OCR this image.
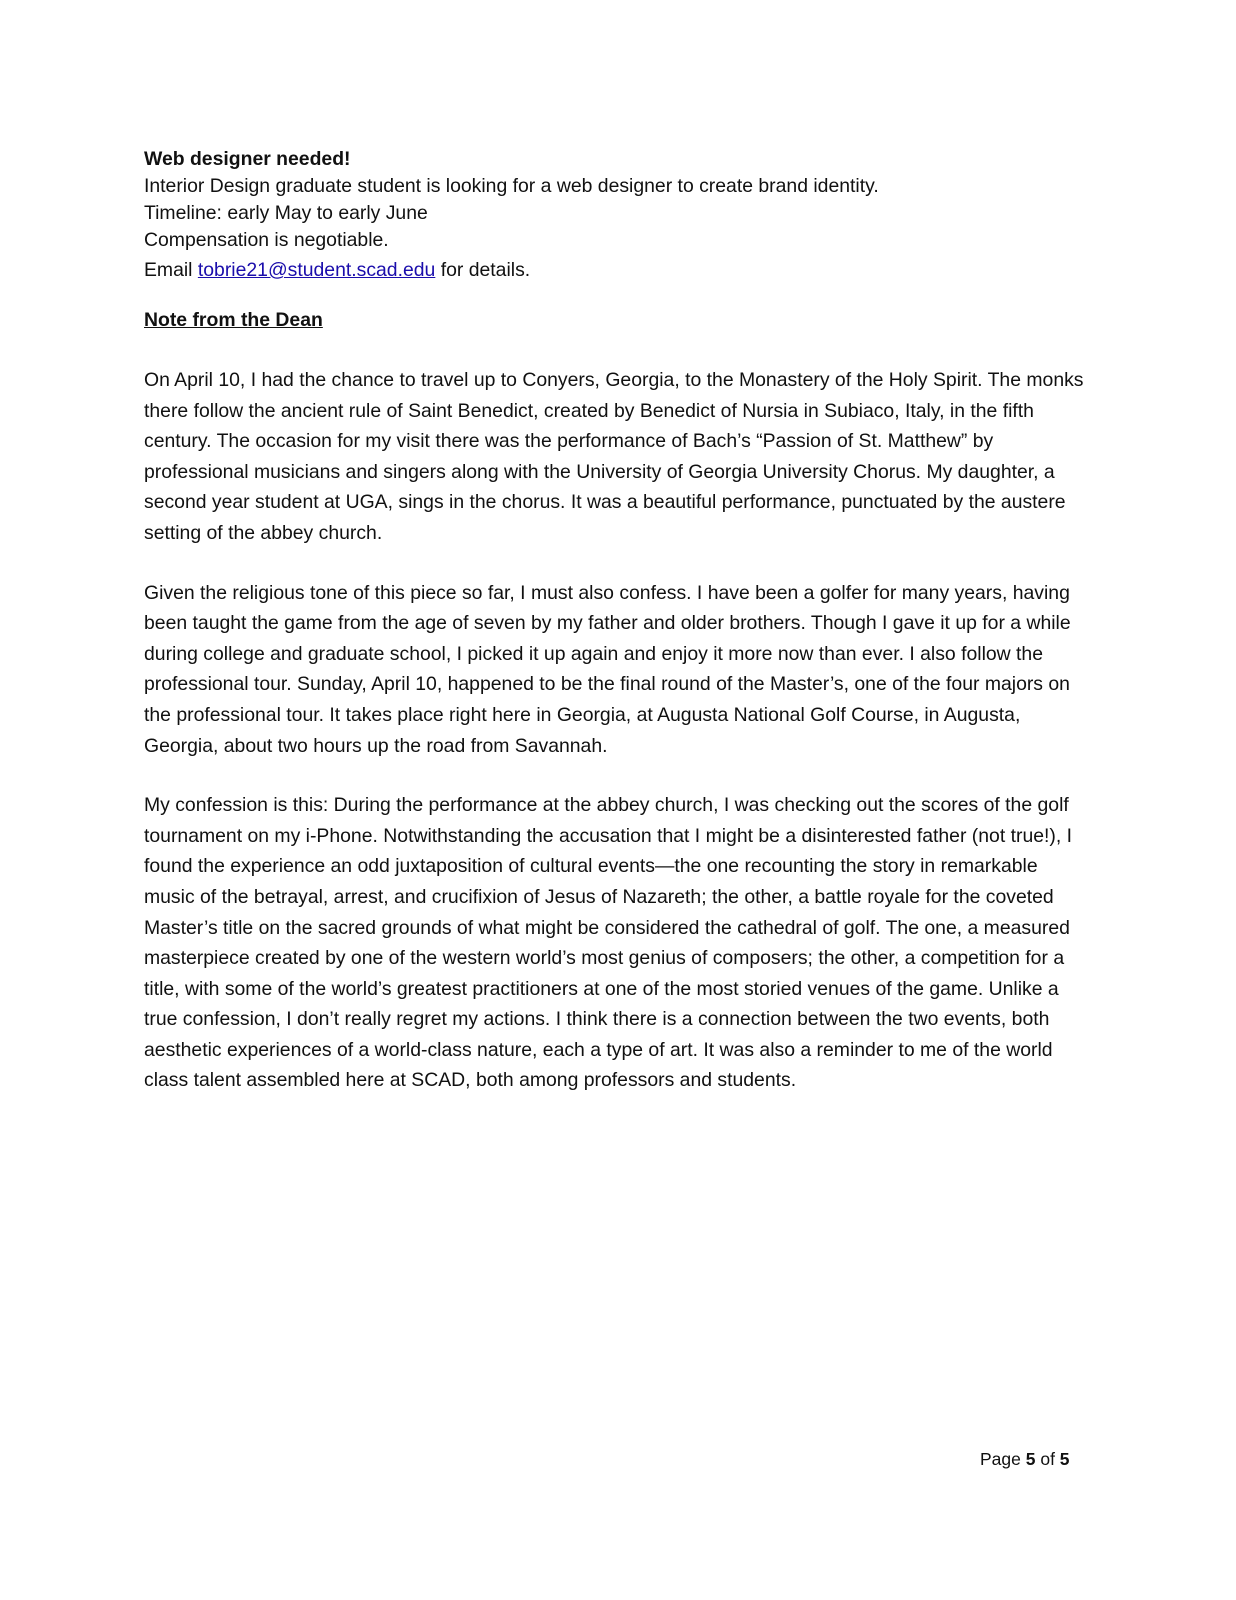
Web designer needed!

Interior Design graduate student is looking for a web designer to create brand identity.

Timeline: early May to early June

Compensation is negotiable.

Email tobrie21@student.scad.edu for details.

Note from the Dean

On April 10, I had the chance to travel up to Conyers, Georgia, to the Monastery of the Holy Spirit. The monks there follow the ancient rule of Saint Benedict, created by Benedict of Nursia in Subiaco, Italy, in the fifth century. The occasion for my visit there was the performance of Bach’s “Passion of St. Matthew” by professional musicians and singers along with the University of Georgia University Chorus. My daughter, a second year student at UGA, sings in the chorus. It was a beautiful performance, punctuated by the austere setting of the abbey church.

Given the religious tone of this piece so far, I must also confess. I have been a golfer for many years, having been taught the game from the age of seven by my father and older brothers. Though I gave it up for a while during college and graduate school, I picked it up again and enjoy it more now than ever. I also follow the professional tour. Sunday, April 10, happened to be the final round of the Master’s, one of the four majors on the professional tour. It takes place right here in Georgia, at Augusta National Golf Course, in Augusta, Georgia, about two hours up the road from Savannah.

My confession is this: During the performance at the abbey church, I was checking out the scores of the golf tournament on my i-Phone. Notwithstanding the accusation that I might be a disinterested father (not true!), I found the experience an odd juxtaposition of cultural events—the one recounting the story in remarkable music of the betrayal, arrest, and crucifixion of Jesus of Nazareth; the other, a battle royale for the coveted Master’s title on the sacred grounds of what might be considered the cathedral of golf. The one, a measured masterpiece created by one of the western world’s most genius of composers; the other, a competition for a title, with some of the world’s greatest practitioners at one of the most storied venues of the game. Unlike a true confession, I don’t really regret my actions. I think there is a connection between the two events, both aesthetic experiences of a world-class nature, each a type of art. It was also a reminder to me of the world class talent assembled here at SCAD, both among professors and students.

Page 5 of 5
